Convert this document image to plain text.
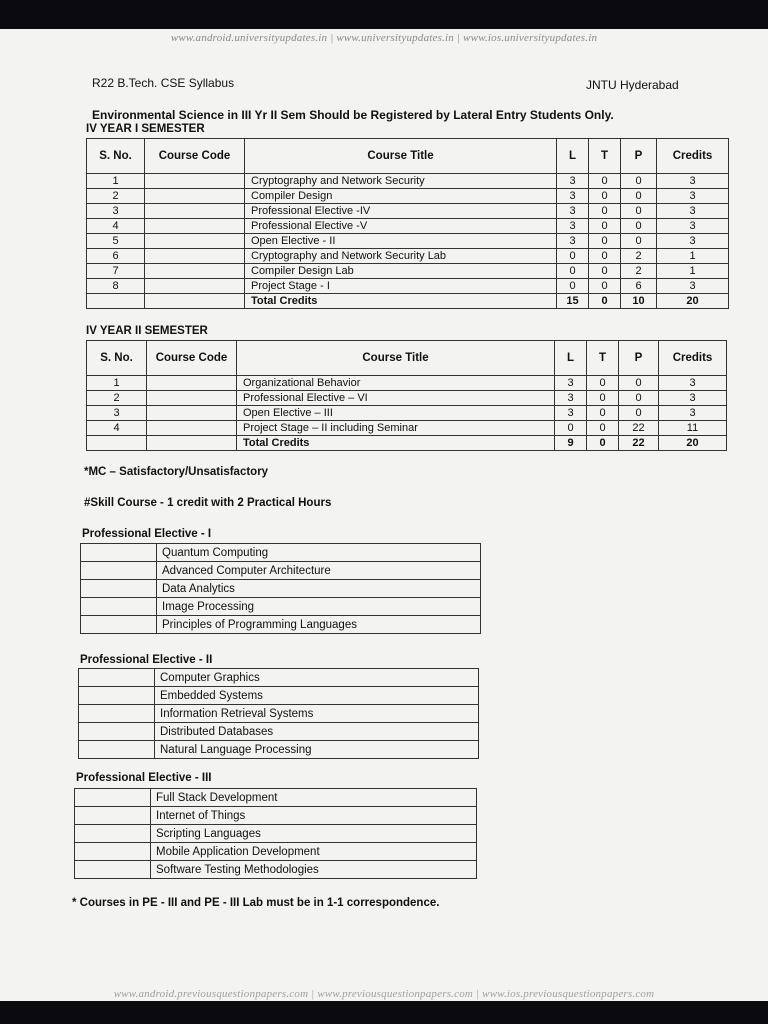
www.android.universityupdates.in | www.universityupdates.in | www.ios.universityupdates.in
R22 B.Tech. CSE Syllabus	JNTU Hyderabad
Environmental Science in III Yr II Sem Should be Registered by Lateral Entry Students Only.
IV YEAR I SEMESTER
S. No.	Course Code	Course Title	L	T	P	Credits
1		Cryptography and Network Security	3	0	0	3
2		Compiler Design	3	0	0	3
3		Professional Elective -IV	3	0	0	3
4		Professional Elective -V	3	0	0	3
5		Open Elective - II	3	0	0	3
6		Cryptography and Network Security Lab	0	0	2	1
7		Compiler Design Lab	0	0	2	1
8		Project Stage - I	0	0	6	3
		Total Credits	15	0	10	20
IV YEAR II SEMESTER
S. No.	Course Code	Course Title	L	T	P	Credits
1		Organizational Behavior	3	0	0	3
2		Professional Elective – VI	3	0	0	3
3		Open Elective – III	3	0	0	3
4		Project Stage – II including Seminar	0	0	22	11
		Total Credits	9	0	22	20
*MC – Satisfactory/Unsatisfactory
#Skill Course - 1 credit with 2 Practical Hours
Professional Elective - I
	Quantum Computing
	Advanced Computer Architecture
	Data Analytics
	Image Processing
	Principles of Programming Languages
Professional Elective - II
	Computer Graphics
	Embedded Systems
	Information Retrieval Systems
	Distributed Databases
	Natural Language Processing
Professional Elective - III
	Full Stack Development
	Internet of Things
	Scripting Languages
	Mobile Application Development
	Software Testing Methodologies
* Courses in PE - III and PE - III Lab must be in 1-1 correspondence.
www.android.previousquestionpapers.com | www.previousquestionpapers.com | www.ios.previousquestionpapers.com
